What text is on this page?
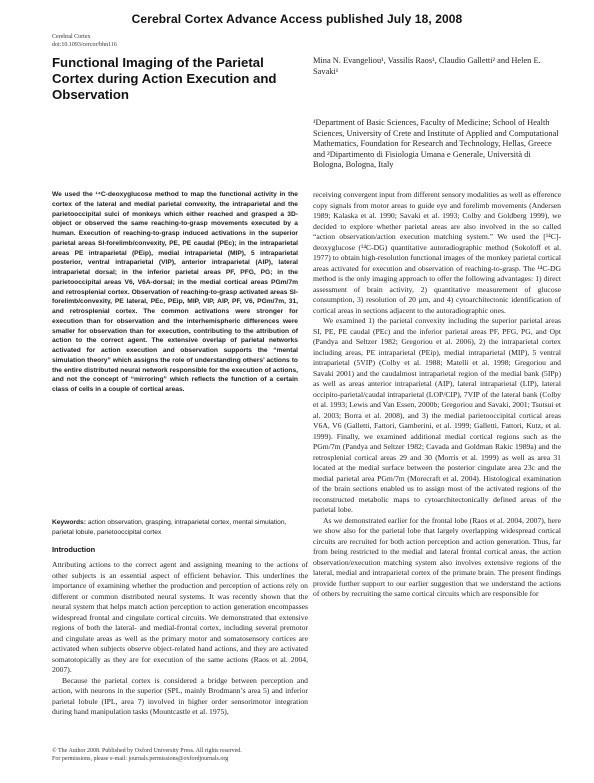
Cerebral Cortex Advance Access published July 18, 2008
Cerebral Cortex
doi:10.1093/cercor/bhn116
Functional Imaging of the Parietal Cortex during Action Execution and Observation
Mina N. Evangeliou¹, Vassilis Raos¹, Claudio Galletti² and Helen E. Savaki¹
¹Department of Basic Sciences, Faculty of Medicine; School of Health Sciences, University of Crete and Institute of Applied and Computational Mathematics, Foundation for Research and Technology, Hellas, Greece and ²Dipartimento di Fisiologia Umana e Generale, Università di Bologna, Bologna, Italy
We used the ¹⁴C-deoxyglucose method to map the functional activity in the cortex of the lateral and medial parietal convexity, the intraparietal and the parietooccipital sulci of monkeys which either reached and grasped a 3D-object or observed the same reaching-to-grasp movements executed by a human. Execution of reaching-to-grasp induced activations in the superior parietal areas SI-forelimb/convexity, PE, PE caudal (PEc); in the intraparietal areas PE intraparietal (PEip), medial intraparietal (MIP), 5 intraparietal posterior, ventral intraparietal (VIP), anterior intraparietal (AIP), lateral intraparietal dorsal; in the inferior parietal areas PF, PFG, PG; in the parietooccipital areas V6, V6A-dorsal; in the medial cortical areas PGm/7m and retrosplenial cortex. Observation of reaching-to-grasp activated areas SI-forelimb/convexity, PE lateral, PEc, PEip, MIP, VIP, AIP, PF, V6, PGm/7m, 31, and retrosplenial cortex. The common activations were stronger for execution than for observation and the interhemispheric differences were smaller for observation than for execution, contributing to the attribution of action to the correct agent. The extensive overlap of parietal networks activated for action execution and observation supports the “mental simulation theory” which assigns the role of understanding others’ actions to the entire distributed neural network responsible for the execution of actions, and not the concept of “mirroring” which reflects the function of a certain class of cells in a couple of cortical areas.
Keywords: action observation, grasping, intraparietal cortex, mental simulation, parietal lobule, parietooccipital cortex
Introduction

Attributing actions to the correct agent and assigning meaning to the actions of other subjects is an essential aspect of efficient behavior. This underlines the importance of examining whether the production and perception of actions rely on different or common distributed neural systems. It was recently shown that the neural system that helps match action perception to action generation encompasses widespread frontal and cingulate cortical circuits. We demonstrated that extensive regions of both the lateral- and medial-frontal cortex, including several premotor and cingulate areas as well as the primary motor and somatosensory cortices are activated when subjects observe object-related hand actions, and they are activated somatotopically as they are for execution of the same actions (Raos et al. 2004, 2007).

Because the parietal cortex is considered a bridge between perception and action, with neurons in the superior (SPL, mainly Brodmann’s area 5) and inferior parietal lobule (IPL, area 7) involved in higher order sensorimotor integration during hand manipulation tasks (Mountcastle et al. 1975),

receiving convergent input from different sensory modalities as well as efference copy signals from motor areas to guide eye and forelimb movements (Andersen 1989; Kalaska et al. 1990; Savaki et al. 1993; Colby and Goldberg 1999), we decided to explore whether parietal areas are also involved in the so called “action observation/action execution matching system.” We used the [¹⁴C]-deoxyglucose (¹⁴C-DG) quantitative autoradiographic method (Sokoloff et al. 1977) to obtain high-resolution functional images of the monkey parietal cortical areas activated for execution and observation of reaching-to-grasp. The ¹⁴C-DG method is the only imaging approach to offer the following advantages: 1) direct assessment of brain activity, 2) quantitative measurement of glucose consumption, 3) resolution of 20 μm, and 4) cytoarchitectonic identification of cortical areas in sections adjacent to the autoradiographic ones.

We examined 1) the parietal convexity including the superior parietal areas SI, PE, PE caudal (PEc) and the inferior parietal areas PF, PFG, PG, and Opt (Pandya and Seltzer 1982; Gregoriou et al. 2006), 2) the intraparietal cortex including areas, PE intraparietal (PEip), medial intraparietal (MIP), 5 ventral intraparietal (5VIP) (Colby et al. 1988; Matelli et al. 1998; Gregoriou and Savaki 2001) and the caudalmost intraparietal region of the medial bank (5IPp) as well as areas anterior intraparietal (AIP), lateral intraparietal (LIP), lateral occipito-parietal/caudal intraparietal (LOP/CIP), 7VIP of the lateral bank (Colby et al. 1993; Lewis and Van Essen, 2000b; Gregoriou and Savaki, 2001; Tsutsui et al. 2003; Borra et al. 2008), and 3) the medial parietooccipital cortical areas V6A, V6 (Galletti, Fattori, Gamberini, et al. 1999; Galletti, Fattori, Kutz, et al. 1999). Finally, we examined additional medial cortical regions such as the PGm/7m (Pandya and Seltzer 1982; Cavada and Goldman Rakic 1989a) and the retrosplenial cortical areas 29 and 30 (Morris et al. 1999) as well as area 31 located at the medial surface between the posterior cingulate area 23c and the medial parietal area PGm/7m (Morecraft et al. 2004). Histological examination of the brain sections enabled us to assign most of the activated regions of the reconstructed metabolic maps to cytoarchitectonically defined areas of the parietal lobe.

As we demonstrated earlier for the frontal lobe (Raos et al. 2004, 2007), here we show also for the parietal lobe that largely overlapping widespread cortical circuits are recruited for both action perception and action generation. Thus, far from being restricted to the medial and lateral frontal cortical areas, the action observation/execution matching system also involves extensive regions of the lateral, medial and intraparietal cortex of the primate brain. The present findings provide further support to our earlier suggestion that we understand the actions of others by recruiting the same cortical circuits which are responsible for

© The Author 2008. Published by Oxford University Press. All rights reserved.
For permissions, please e-mail: journals.permissions@oxfordjournals.org
